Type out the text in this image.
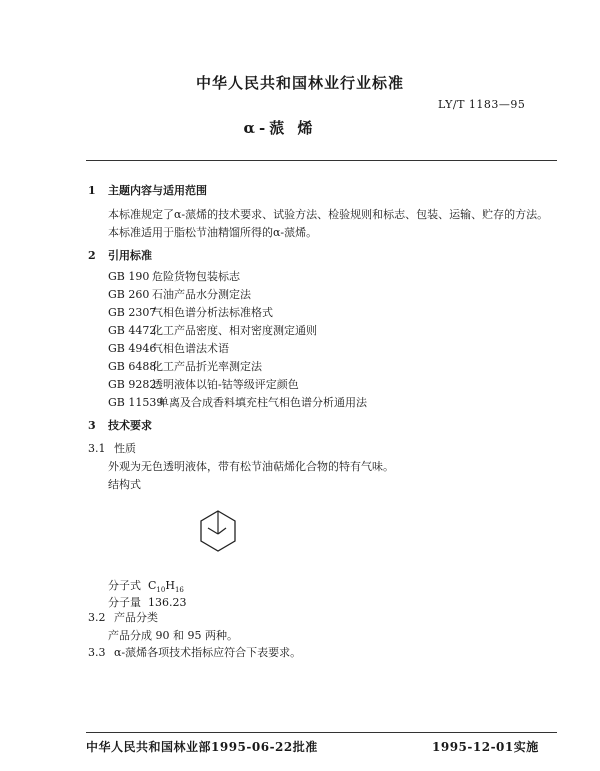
中华人民共和国林业行业标准
LY/T 1183—95
α-蒎 烯
1 主题内容与适用范围
本标准规定了α-蒎烯的技术要求、试验方法、检验规则和标志、包装、运输、贮存的方法。
本标准适用于脂松节油精馏所得的α-蒎烯。
2 引用标准
GB 190 危险货物包装标志
GB 260 石油产品水分测定法
GB 2307气相色谱分析法标准格式
GB 4472化工产品密度、相对密度测定通则
GB 4946气相色谱法术语
GB 6488化工产品折光率测定法
GB 9282透明液体以铂-钴等级评定颜色
GB 11539单离及合成香料填充柱气相色谱分析通用法
3 技术要求
3.1 性质
外观为无色透明液体，带有松节油萜烯化合物的特有气味。
结构式
分子式 $C_{10}H_{16}$
分子量 136.23
3.2 产品分类
产品分成 90 和 95 两种。
3.3 α-蒎烯各项技术指标应符合下表要求。
中华人民共和国林业部1995-06-22批准	1995-12-01实施
